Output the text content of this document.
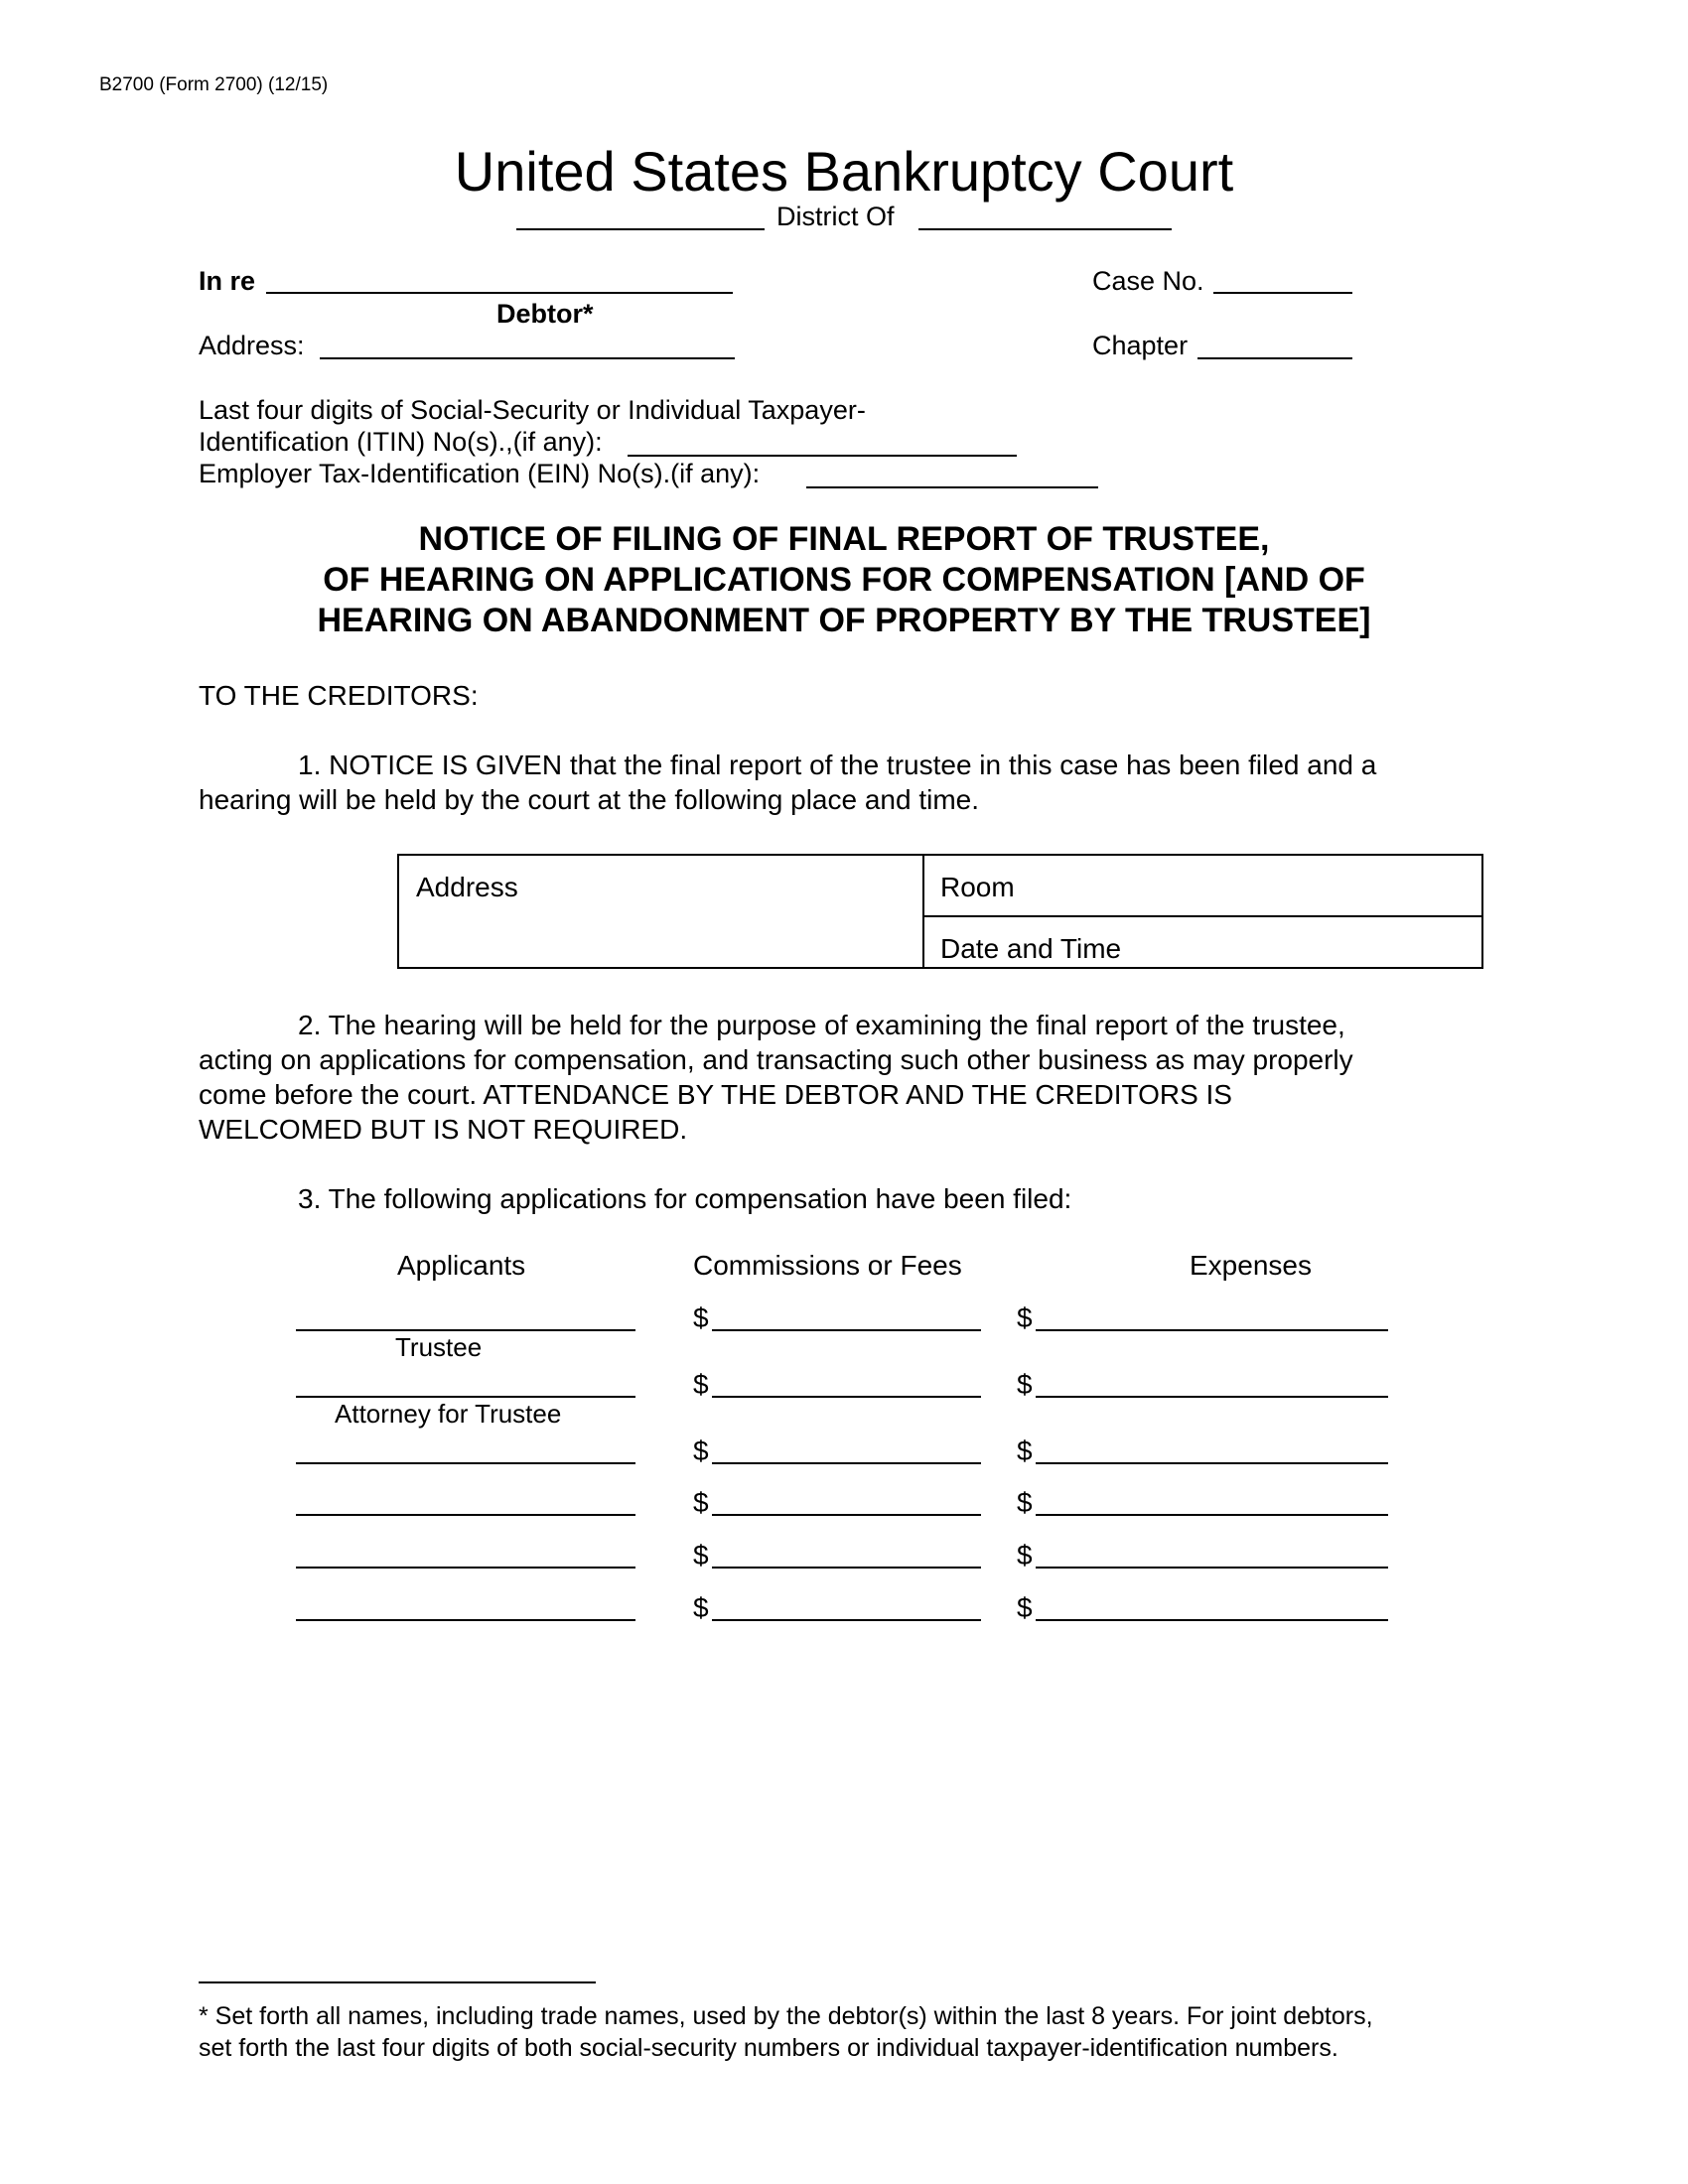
B2700 (Form 2700) (12/15)
United States Bankruptcy Court
District Of
In re
Debtor*
Case No.
Address:	Chapter
Last four digits of Social-Security or Individual Taxpayer-
Identification (ITIN) No(s).,(if any):
Employer Tax-Identification (EIN) No(s).(if any):
NOTICE OF FILING OF FINAL REPORT OF TRUSTEE,
OF HEARING ON APPLICATIONS FOR COMPENSATION [AND OF
HEARING ON ABANDONMENT OF PROPERTY BY THE TRUSTEE]
TO THE CREDITORS:
1. NOTICE IS GIVEN that the final report of the trustee in this case has been filed and a
hearing will be held by the court at the following place and time.
Address	Room
Date and Time
2. The hearing will be held for the purpose of examining the final report of the trustee,
acting on applications for compensation, and transacting such other business as may properly
come before the court. ATTENDANCE BY THE DEBTOR AND THE CREDITORS IS
WELCOMED BUT IS NOT REQUIRED.
3. The following applications for compensation have been filed:
Applicants	Commissions or Fees	Expenses
$	$
Trustee
$	$
Attorney for Trustee
$	$
$	$
$	$
$	$
* Set forth all names, including trade names, used by the debtor(s) within the last 8 years. For joint debtors,
set forth the last four digits of both social-security numbers or individual taxpayer-identification numbers.
